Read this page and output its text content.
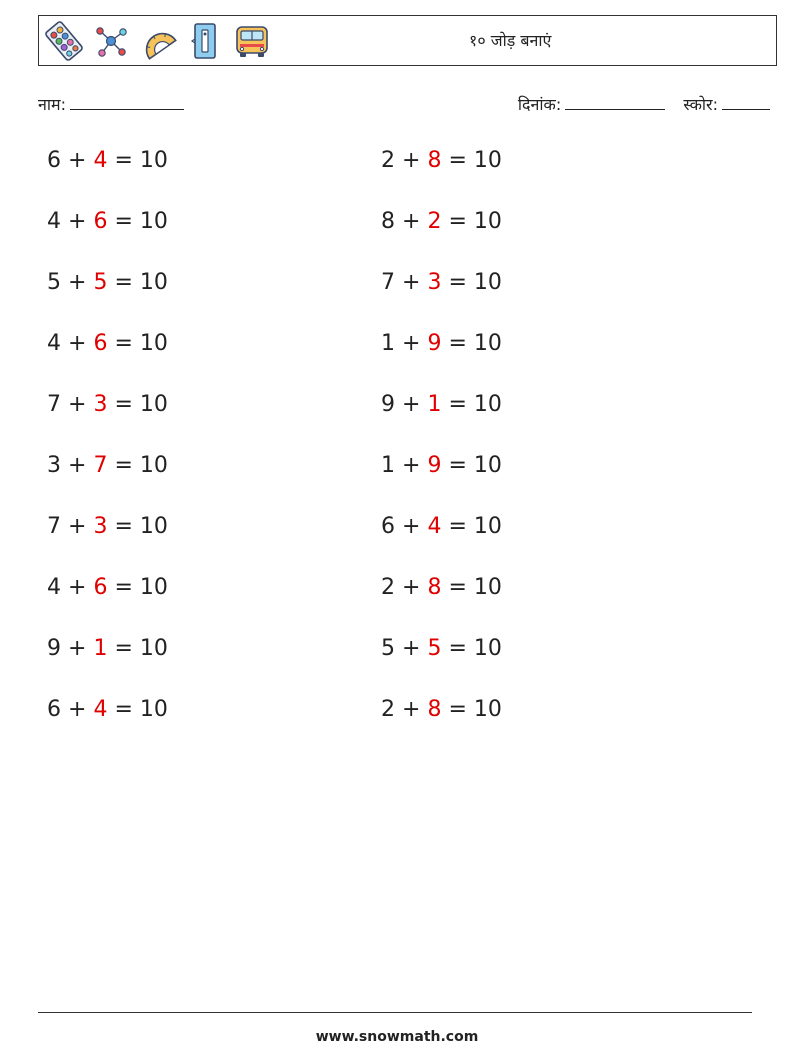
१० जोड़ बनाएं
नाम:	दिनांक:	स्कोर:
6 + 4 = 10
4 + 6 = 10
5 + 5 = 10
4 + 6 = 10
7 + 3 = 10
3 + 7 = 10
7 + 3 = 10
4 + 6 = 10
9 + 1 = 10
6 + 4 = 10
2 + 8 = 10
8 + 2 = 10
7 + 3 = 10
1 + 9 = 10
9 + 1 = 10
1 + 9 = 10
6 + 4 = 10
2 + 8 = 10
5 + 5 = 10
2 + 8 = 10
www.snowmath.com
